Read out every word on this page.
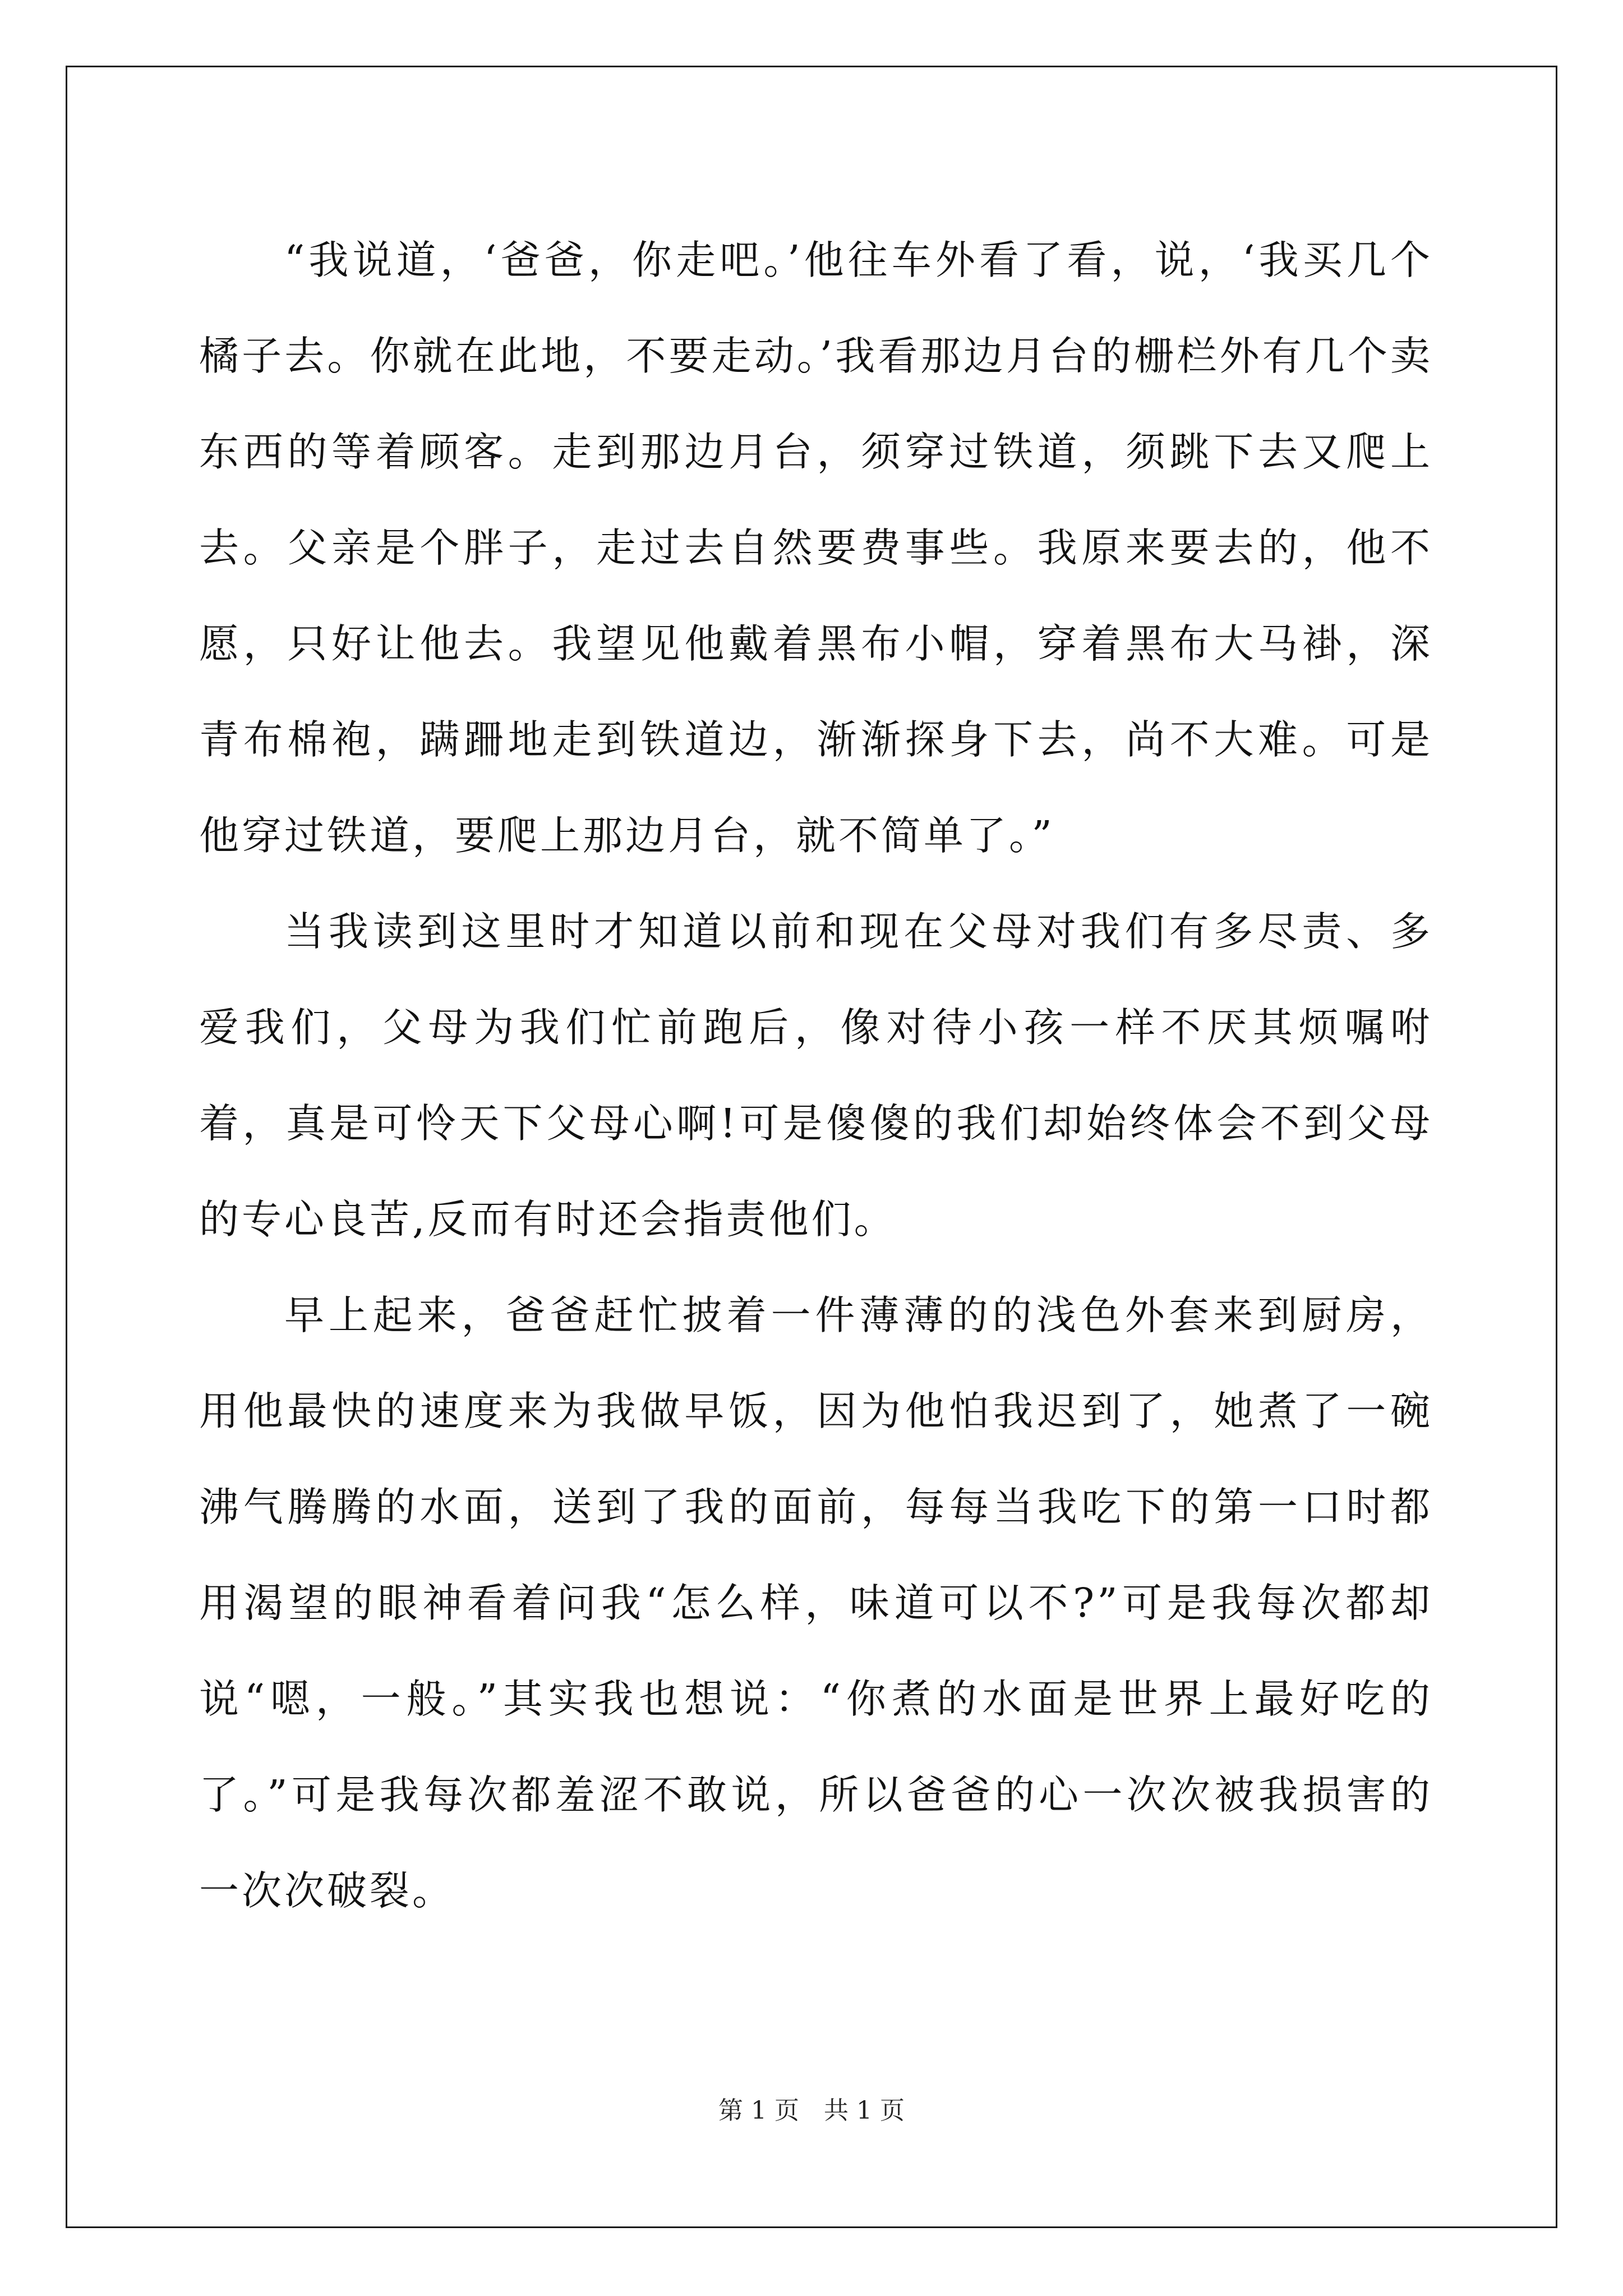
“我说道，‘爸爸，你走吧。’他往车外看了看，说，‘我买几个橘子去。你就在此地，不要走动。’我看那边月台的栅栏外有几个卖东西的等着顾客。走到那边月台，须穿过铁道，须跳下去又爬上去。父亲是个胖子，走过去自然要费事些。我原来要去的，他不愿，只好让他去。我望见他戴着黑布小帽，穿着黑布大马褂，深青布棉袍，蹒跚地走到铁道边，渐渐探身下去，尚不大难。可是他穿过铁道，要爬上那边月台，就不简单了。”

当我读到这里时才知道以前和现在父母对我们有多尽责、多爱我们，父母为我们忙前跑后，像对待小孩一样不厌其烦嘱咐着，真是可怜天下父母心啊!可是傻傻的我们却始终体会不到父母的专心良苦,反而有时还会指责他们。

早上起来，爸爸赶忙披着一件薄薄的的浅色外套来到厨房，用他最快的速度来为我做早饭，因为他怕我迟到了，她煮了一碗沸气腾腾的水面，送到了我的面前，每每当我吃下的第一口时都用渴望的眼神看着问我“怎么样，味道可以不?”可是我每次都却说“嗯，一般。”其实我也想说：“你煮的水面是世界上最好吃的了。”可是我每次都羞涩不敢说，所以爸爸的心一次次被我损害的一次次破裂。

第 1 页　共 1 页
